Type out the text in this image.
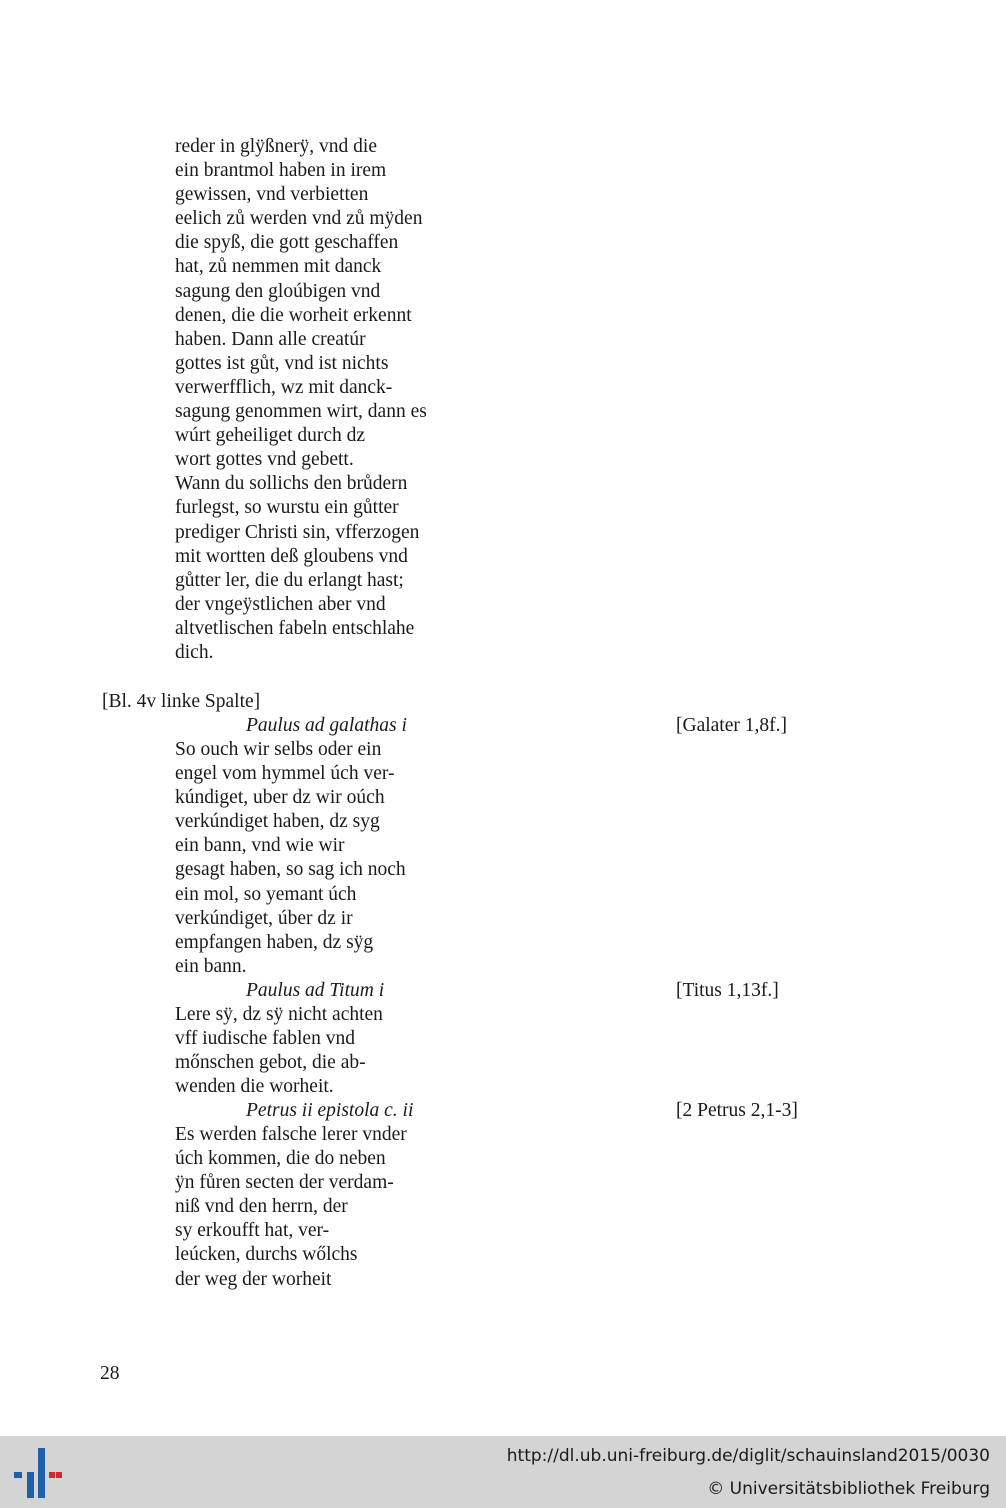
reder in glÿßnerÿ, vnd die
ein brantmol haben in irem
gewissen, vnd verbietten
eelich zů werden vnd zů mÿden
die spyß, die gott geschaffen
hat, zů nemmen mit danck
sagung den gloúbigen vnd
denen, die die worheit erkennt
haben. Dann alle creatúr
gottes ist gůt, vnd ist nichts
verwerfflich, wz mit danck-
sagung genommen wirt, dann es
wúrt geheiliget durch dz
wort gottes vnd gebett.
Wann du sollichs den brůdern
furlegst, so wurstu ein gůtter
prediger Christi sin, vfferzogen
mit wortten deß gloubens vnd
gůtter ler, die du erlangt hast;
der vngeÿstlichen aber vnd
altvetlischen fabeln entschlahe
dich.
[Bl. 4v linke Spalte]
Paulus ad galathas i	[Galater 1,8f.]
So ouch wir selbs oder ein
engel vom hymmel úch ver-
kúndiget, uber dz wir oúch
verkúndiget haben, dz syg
ein bann, vnd wie wir
gesagt haben, so sag ich noch
ein mol, so yemant úch
verkúndiget, úber dz ir
empfangen haben, dz sÿg
ein bann.
Paulus ad Titum i	[Titus 1,13f.]
Lere sÿ, dz sÿ nicht achten
vff iudische fablen vnd
mőnschen gebot, die ab-
wenden die worheit.
Petrus ii epistola c. ii	[2 Petrus 2,1-3]
Es werden falsche lerer vnder
úch kommen, die do neben
ÿn fůren secten der verdam-
niß vnd den herrn, der
sy erkoufft hat, ver-
leúcken, durchs wőlchs
der weg der worheit
28
http://dl.ub.uni-freiburg.de/diglit/schauinsland2015/0030
© Universitätsbibliothek Freiburg
